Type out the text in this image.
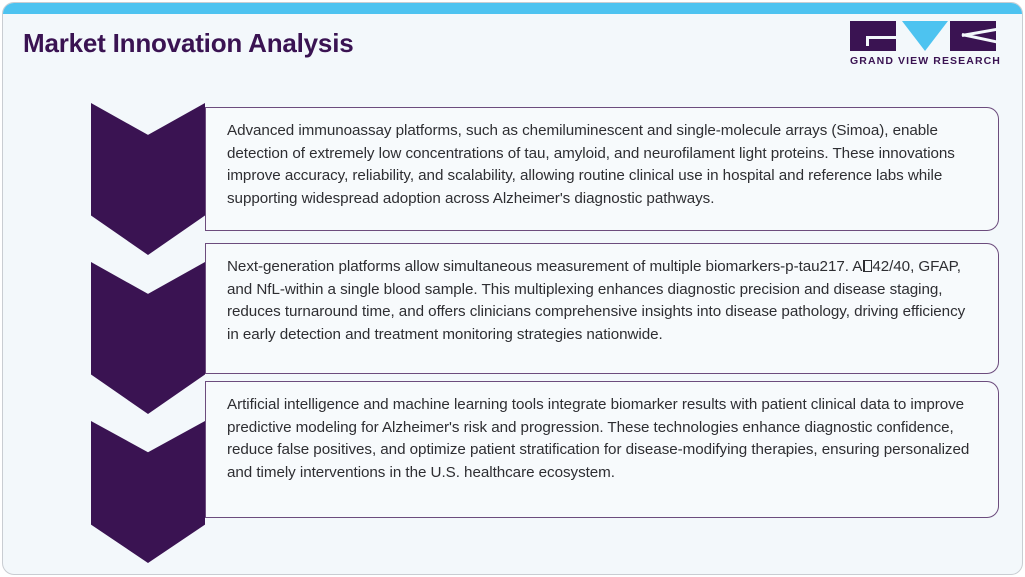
Market Innovation Analysis
GRAND VIEW RESEARCH

Advanced immunoassay platforms, such as chemiluminescent and single-molecule arrays (Simoa), enable detection of extremely low concentrations of tau, amyloid, and neurofilament light proteins. These innovations improve accuracy, reliability, and scalability, allowing routine clinical use in hospital and reference labs while supporting widespread adoption across Alzheimer's diagnostic pathways.

Next-generation platforms allow simultaneous measurement of multiple biomarkers-p-tau217. A 42/40, GFAP, and NfL-within a single blood sample. This multiplexing enhances diagnostic precision and disease staging, reduces turnaround time, and offers clinicians comprehensive insights into disease pathology, driving efficiency in early detection and treatment monitoring strategies nationwide.

Artificial intelligence and machine learning tools integrate biomarker results with patient clinical data to improve predictive modeling for Alzheimer's risk and progression. These technologies enhance diagnostic confidence, reduce false positives, and optimize patient stratification for disease-modifying therapies, ensuring personalized and timely interventions in the U.S. healthcare ecosystem.
